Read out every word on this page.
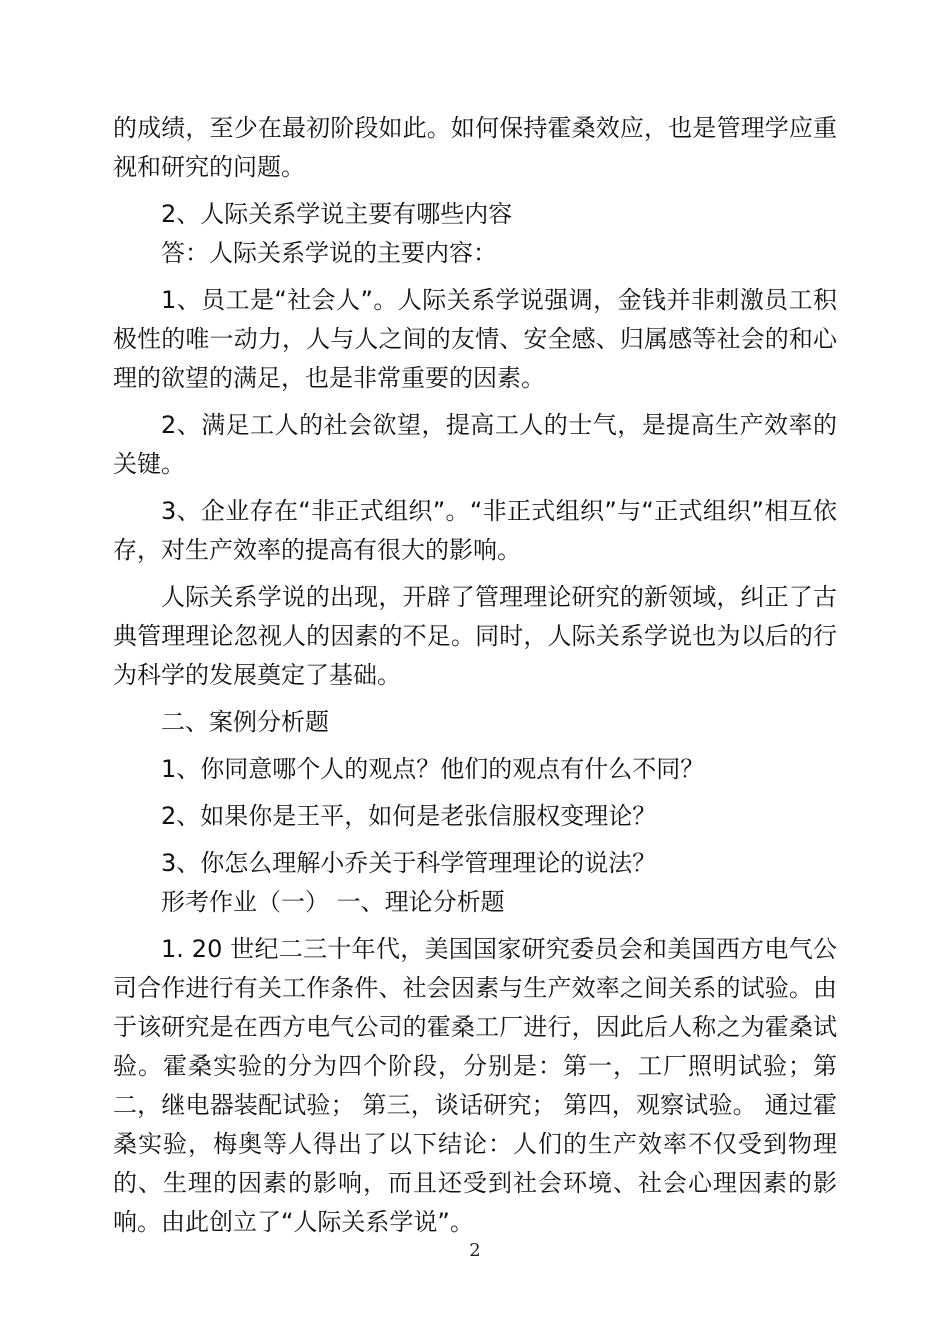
的成绩，至少在最初阶段如此。如何保持霍桑效应，也是管理学应重视和研究的问题。

2、人际关系学说主要有哪些内容

答：人际关系学说的主要内容：

1、员工是“社会人”。人际关系学说强调，金钱并非刺激员工积极性的唯一动力，人与人之间的友情、安全感、归属感等社会的和心理的欲望的满足，也是非常重要的因素。

2、满足工人的社会欲望，提高工人的士气，是提高生产效率的关键。

3、企业存在“非正式组织”。“非正式组织”与“正式组织”相互依存，对生产效率的提高有很大的影响。

人际关系学说的出现，开辟了管理理论研究的新领域，纠正了古典管理理论忽视人的因素的不足。同时，人际关系学说也为以后的行为科学的发展奠定了基础。

二、案例分析题

1、你同意哪个人的观点？他们的观点有什么不同？

2、如果你是王平，如何是老张信服权变理论？

3、你怎么理解小乔关于科学管理理论的说法？

形考作业（一） 一、理论分析题

1. 20 世纪二三十年代，美国国家研究委员会和美国西方电气公司合作进行有关工作条件、社会因素与生产效率之间关系的试验。由于该研究是在西方电气公司的霍桑工厂进行，因此后人称之为霍桑试验。霍桑实验的分为四个阶段，分别是：第一，工厂照明试验；第二，继电器装配试验； 第三，谈话研究； 第四，观察试验。 通过霍桑实验，梅奥等人得出了以下结论：人们的生产效率不仅受到物理的、生理的因素的影响，而且还受到社会环境、社会心理因素的影响。由此创立了“人际关系学说”。

2
